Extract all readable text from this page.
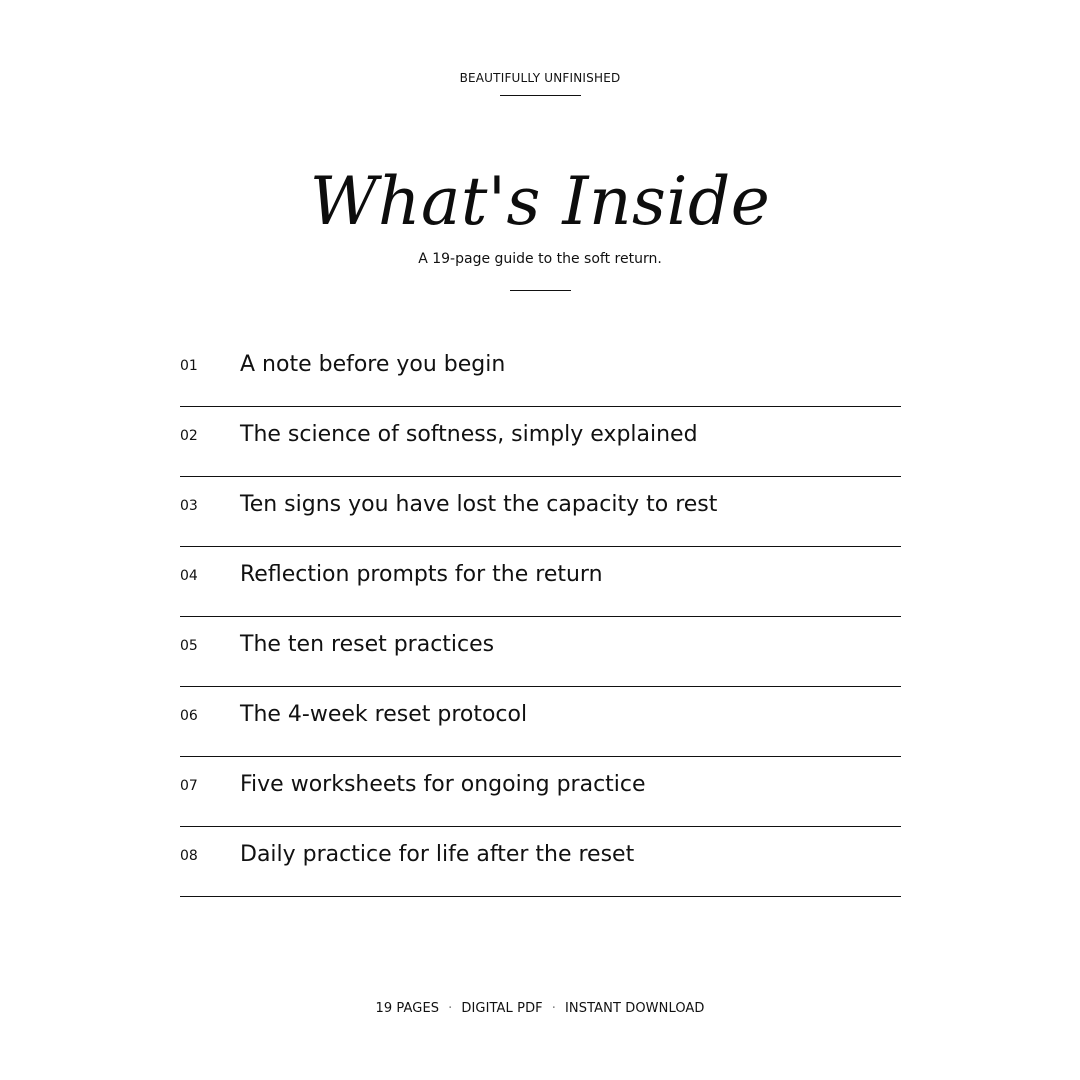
BEAUTIFULLY UNFINISHED
What's Inside
A 19-page guide to the soft return.
01 A note before you begin
02 The science of softness, simply explained
03 Ten signs you have lost the capacity to rest
04 Reflection prompts for the return
05 The ten reset practices
06 The 4-week reset protocol
07 Five worksheets for ongoing practice
08 Daily practice for life after the reset
19 PAGES · DIGITAL PDF · INSTANT DOWNLOAD
